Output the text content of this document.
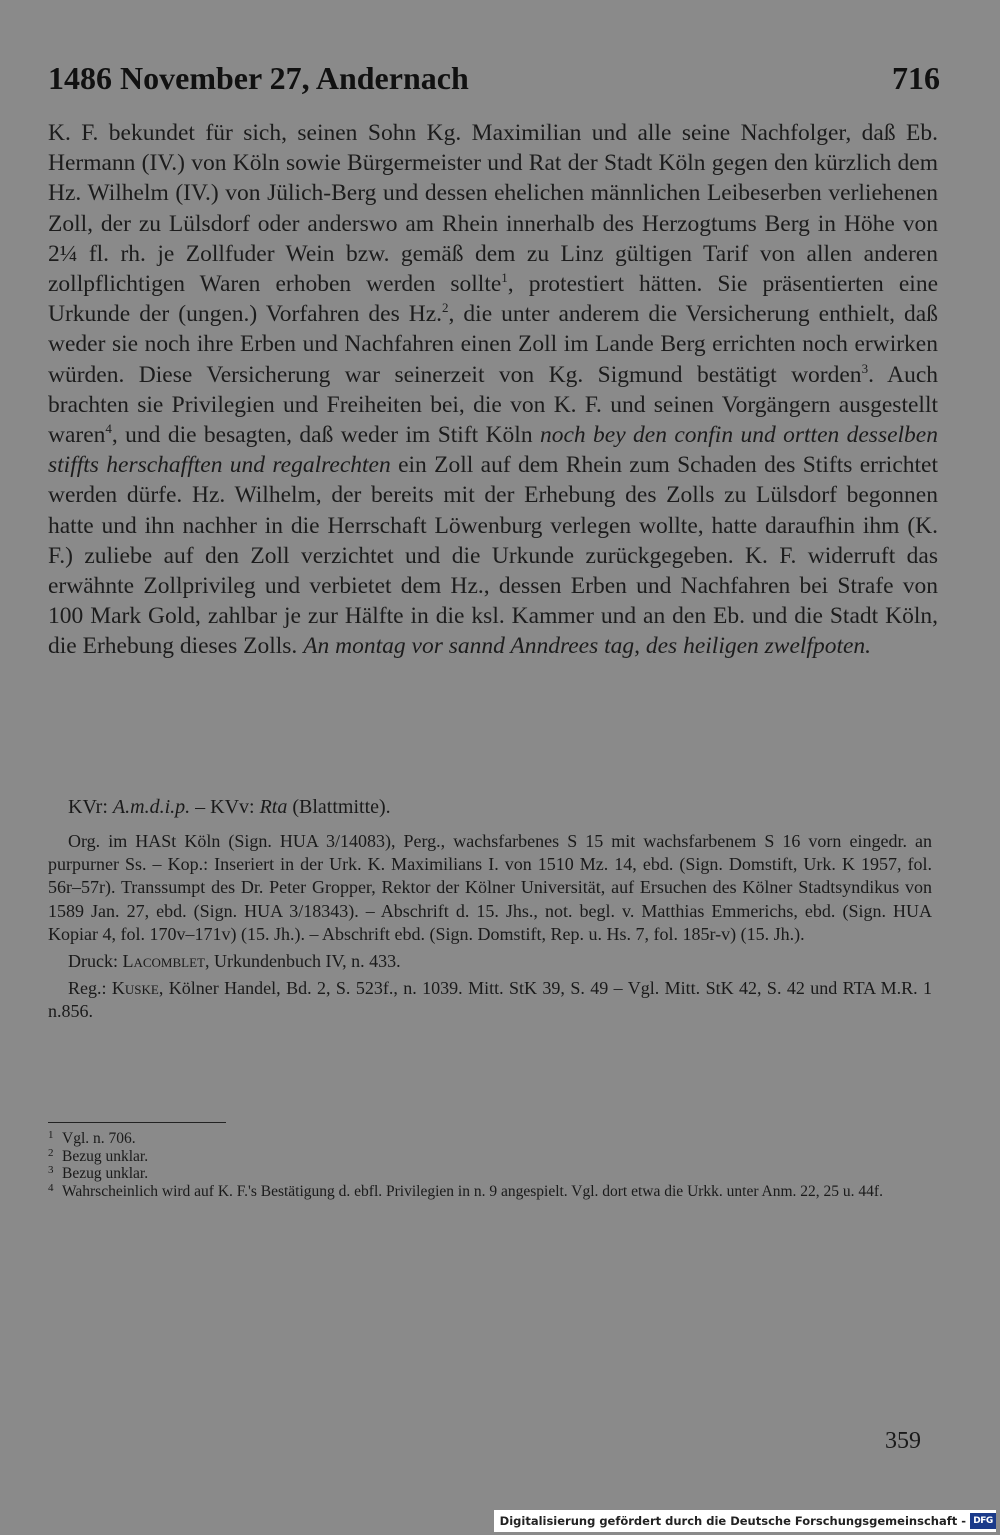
1486 November 27, Andernach	716

K. F. bekundet für sich, seinen Sohn Kg. Maximilian und alle seine Nachfolger, daß Eb. Hermann (IV.) von Köln sowie Bürgermeister und Rat der Stadt Köln gegen den kürzlich dem Hz. Wilhelm (IV.) von Jülich-Berg und dessen ehelichen männlichen Leibeserben verliehenen Zoll, der zu Lülsdorf oder anderswo am Rhein innerhalb des Herzogtums Berg in Höhe von 2¼ fl. rh. je Zollfuder Wein bzw. gemäß dem zu Linz gültigen Tarif von allen anderen zollpflichtigen Waren erhoben werden sollte$^1$, protestiert hätten. Sie präsentierten eine Urkunde der (ungen.) Vorfahren des Hz.$^2$, die unter anderem die Versicherung enthielt, daß weder sie noch ihre Erben und Nachfahren einen Zoll im Lande Berg errichten noch erwirken würden. Diese Versicherung war seinerzeit von Kg. Sigmund bestätigt worden$^3$. Auch brachten sie Privilegien und Freiheiten bei, die von K. F. und seinen Vorgängern ausgestellt waren$^4$, und die besagten, daß weder im Stift Köln noch bey den confin und ortten desselben stiffts herschafften und regalrechten ein Zoll auf dem Rhein zum Schaden des Stifts errichtet werden dürfe. Hz. Wilhelm, der bereits mit der Erhebung des Zolls zu Lülsdorf begonnen hatte und ihn nachher in die Herrschaft Löwenburg verlegen wollte, hatte daraufhin ihm (K. F.) zuliebe auf den Zoll verzichtet und die Urkunde zurückgegeben. K. F. widerruft das erwähnte Zollprivileg und verbietet dem Hz., dessen Erben und Nachfahren bei Strafe von 100 Mark Gold, zahlbar je zur Hälfte in die ksl. Kammer und an den Eb. und die Stadt Köln, die Erhebung dieses Zolls. An montag vor sannd Anndrees tag, des heiligen zwelfpoten.

KVr: A.m.d.i.p. – KVv: Rta (Blattmitte).

Org. im HASt Köln (Sign. HUA 3/14083), Perg., wachsfarbenes S 15 mit wachsfarbenem S 16 vorn eingedr. an purpurner Ss. – Kop.: Inseriert in der Urk. K. Maximilians I. von 1510 Mz. 14, ebd. (Sign. Domstift, Urk. K 1957, fol. 56r–57r). Transsumpt des Dr. Peter Gropper, Rektor der Kölner Universität, auf Ersuchen des Kölner Stadtsyndikus von 1589 Jan. 27, ebd. (Sign. HUA 3/18343). – Abschrift d. 15. Jhs., not. begl. v. Matthias Emmerichs, ebd. (Sign. HUA Kopiar 4, fol. 170v–171v) (15. Jh.). – Abschrift ebd. (Sign. Domstift, Rep. u. Hs. 7, fol. 185r-v) (15. Jh.).

Druck: Lacomblet, Urkundenbuch IV, n. 433.

Reg.: Kuske, Kölner Handel, Bd. 2, S. 523f., n. 1039. Mitt. StK 39, S. 49 – Vgl. Mitt. StK 42, S. 42 und RTA M.R. 1 n.856.

1 Vgl. n. 706.
2 Bezug unklar.
3 Bezug unklar.
4 Wahrscheinlich wird auf K. F.'s Bestätigung d. ebfl. Privilegien in n. 9 angespielt. Vgl. dort etwa die Urkk. unter Anm. 22, 25 u. 44f.
359
Digitalisierung gefördert durch die Deutsche Forschungsgemeinschaft - DFG
